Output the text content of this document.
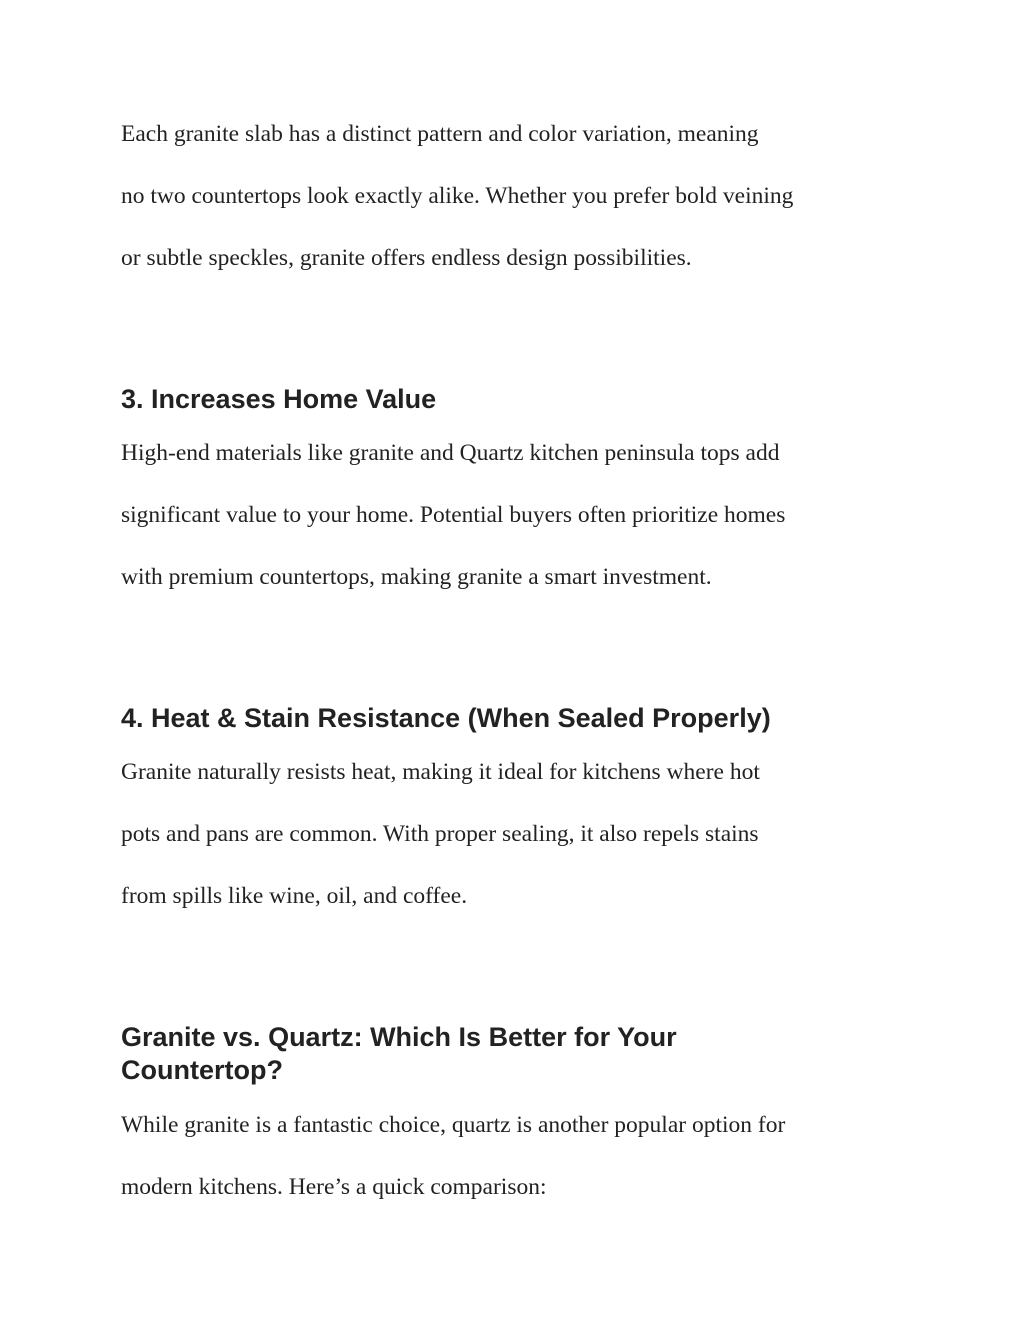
Each granite slab has a distinct pattern and color variation, meaning

no two countertops look exactly alike. Whether you prefer bold veining

or subtle speckles, granite offers endless design possibilities.

3. Increases Home Value

High-end materials like granite and Quartz kitchen peninsula tops add

significant value to your home. Potential buyers often prioritize homes

with premium countertops, making granite a smart investment.

4. Heat & Stain Resistance (When Sealed Properly)

Granite naturally resists heat, making it ideal for kitchens where hot

pots and pans are common. With proper sealing, it also repels stains

from spills like wine, oil, and coffee.

Granite vs. Quartz: Which Is Better for Your
Countertop?

While granite is a fantastic choice, quartz is another popular option for

modern kitchens. Here’s a quick comparison:
